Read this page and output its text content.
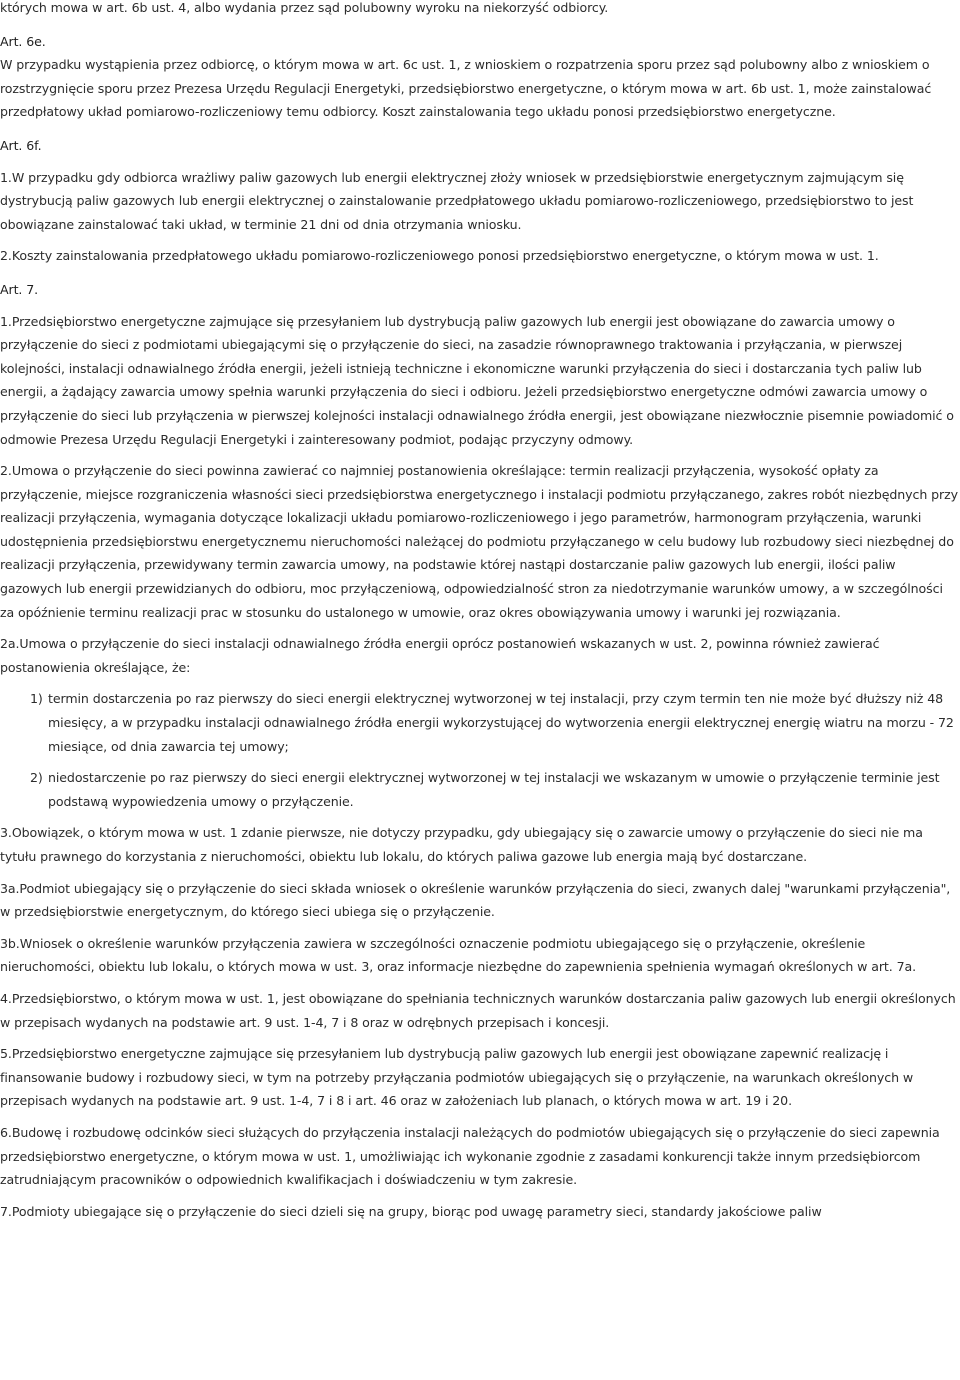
których mowa w art. 6b ust. 4, albo wydania przez sąd polubowny wyroku na niekorzyść odbiorcy.

Art. 6e.

W przypadku wystąpienia przez odbiorcę, o którym mowa w art. 6c ust. 1, z wnioskiem o rozpatrzenia sporu przez sąd polubowny albo z wnioskiem o rozstrzygnięcie sporu przez Prezesa Urzędu Regulacji Energetyki, przedsiębiorstwo energetyczne, o którym mowa w art. 6b ust. 1, może zainstalować przedpłatowy układ pomiarowo-rozliczeniowy temu odbiorcy. Koszt zainstalowania tego układu ponosi przedsiębiorstwo energetyczne.

Art. 6f.

1.W przypadku gdy odbiorca wrażliwy paliw gazowych lub energii elektrycznej złoży wniosek w przedsiębiorstwie energetycznym zajmującym się dystrybucją paliw gazowych lub energii elektrycznej o zainstalowanie przedpłatowego układu pomiarowo-rozliczeniowego, przedsiębiorstwo to jest obowiązane zainstalować taki układ, w terminie 21 dni od dnia otrzymania wniosku.

2.Koszty zainstalowania przedpłatowego układu pomiarowo-rozliczeniowego ponosi przedsiębiorstwo energetyczne, o którym mowa w ust. 1.

Art. 7.

1.Przedsiębiorstwo energetyczne zajmujące się przesyłaniem lub dystrybucją paliw gazowych lub energii jest obowiązane do zawarcia umowy o przyłączenie do sieci z podmiotami ubiegającymi się o przyłączenie do sieci, na zasadzie równoprawnego traktowania i przyłączania, w pierwszej kolejności, instalacji odnawialnego źródła energii, jeżeli istnieją techniczne i ekonomiczne warunki przyłączenia do sieci i dostarczania tych paliw lub energii, a żądający zawarcia umowy spełnia warunki przyłączenia do sieci i odbioru. Jeżeli przedsiębiorstwo energetyczne odmówi zawarcia umowy o przyłączenie do sieci lub przyłączenia w pierwszej kolejności instalacji odnawialnego źródła energii, jest obowiązane niezwłocznie pisemnie powiadomić o odmowie Prezesa Urzędu Regulacji Energetyki i zainteresowany podmiot, podając przyczyny odmowy.

2.Umowa o przyłączenie do sieci powinna zawierać co najmniej postanowienia określające: termin realizacji przyłączenia, wysokość opłaty za przyłączenie, miejsce rozgraniczenia własności sieci przedsiębiorstwa energetycznego i instalacji podmiotu przyłączanego, zakres robót niezbędnych przy realizacji przyłączenia, wymagania dotyczące lokalizacji układu pomiarowo-rozliczeniowego i jego parametrów, harmonogram przyłączenia, warunki udostępnienia przedsiębiorstwu energetycznemu nieruchomości należącej do podmiotu przyłączanego w celu budowy lub rozbudowy sieci niezbędnej do realizacji przyłączenia, przewidywany termin zawarcia umowy, na podstawie której nastąpi dostarczanie paliw gazowych lub energii, ilości paliw gazowych lub energii przewidzianych do odbioru, moc przyłączeniową, odpowiedzialność stron za niedotrzymanie warunków umowy, a w szczególności za opóźnienie terminu realizacji prac w stosunku do ustalonego w umowie, oraz okres obowiązywania umowy i warunki jej rozwiązania.

2a.Umowa o przyłączenie do sieci instalacji odnawialnego źródła energii oprócz postanowień wskazanych w ust. 2, powinna również zawierać postanowienia określające, że:

1) termin dostarczenia po raz pierwszy do sieci energii elektrycznej wytworzonej w tej instalacji, przy czym termin ten nie może być dłuższy niż 48 miesięcy, a w przypadku instalacji odnawialnego źródła energii wykorzystującej do wytworzenia energii elektrycznej energię wiatru na morzu - 72 miesiące, od dnia zawarcia tej umowy;
2) niedostarczenie po raz pierwszy do sieci energii elektrycznej wytworzonej w tej instalacji we wskazanym w umowie o przyłączenie terminie jest podstawą wypowiedzenia umowy o przyłączenie.

3.Obowiązek, o którym mowa w ust. 1 zdanie pierwsze, nie dotyczy przypadku, gdy ubiegający się o zawarcie umowy o przyłączenie do sieci nie ma tytułu prawnego do korzystania z nieruchomości, obiektu lub lokalu, do których paliwa gazowe lub energia mają być dostarczane.

3a.Podmiot ubiegający się o przyłączenie do sieci składa wniosek o określenie warunków przyłączenia do sieci, zwanych dalej "warunkami przyłączenia", w przedsiębiorstwie energetycznym, do którego sieci ubiega się o przyłączenie.

3b.Wniosek o określenie warunków przyłączenia zawiera w szczególności oznaczenie podmiotu ubiegającego się o przyłączenie, określenie nieruchomości, obiektu lub lokalu, o których mowa w ust. 3, oraz informacje niezbędne do zapewnienia spełnienia wymagań określonych w art. 7a.

4.Przedsiębiorstwo, o którym mowa w ust. 1, jest obowiązane do spełniania technicznych warunków dostarczania paliw gazowych lub energii określonych w przepisach wydanych na podstawie art. 9 ust. 1-4, 7 i 8 oraz w odrębnych przepisach i koncesji.

5.Przedsiębiorstwo energetyczne zajmujące się przesyłaniem lub dystrybucją paliw gazowych lub energii jest obowiązane zapewnić realizację i finansowanie budowy i rozbudowy sieci, w tym na potrzeby przyłączania podmiotów ubiegających się o przyłączenie, na warunkach określonych w przepisach wydanych na podstawie art. 9 ust. 1-4, 7 i 8 i art. 46 oraz w założeniach lub planach, o których mowa w art. 19 i 20.

6.Budowę i rozbudowę odcinków sieci służących do przyłączenia instalacji należących do podmiotów ubiegających się o przyłączenie do sieci zapewnia przedsiębiorstwo energetyczne, o którym mowa w ust. 1, umożliwiając ich wykonanie zgodnie z zasadami konkurencji także innym przedsiębiorcom zatrudniającym pracowników o odpowiednich kwalifikacjach i doświadczeniu w tym zakresie.

7.Podmioty ubiegające się o przyłączenie do sieci dzieli się na grupy, biorąc pod uwagę parametry sieci, standardy jakościowe paliw
